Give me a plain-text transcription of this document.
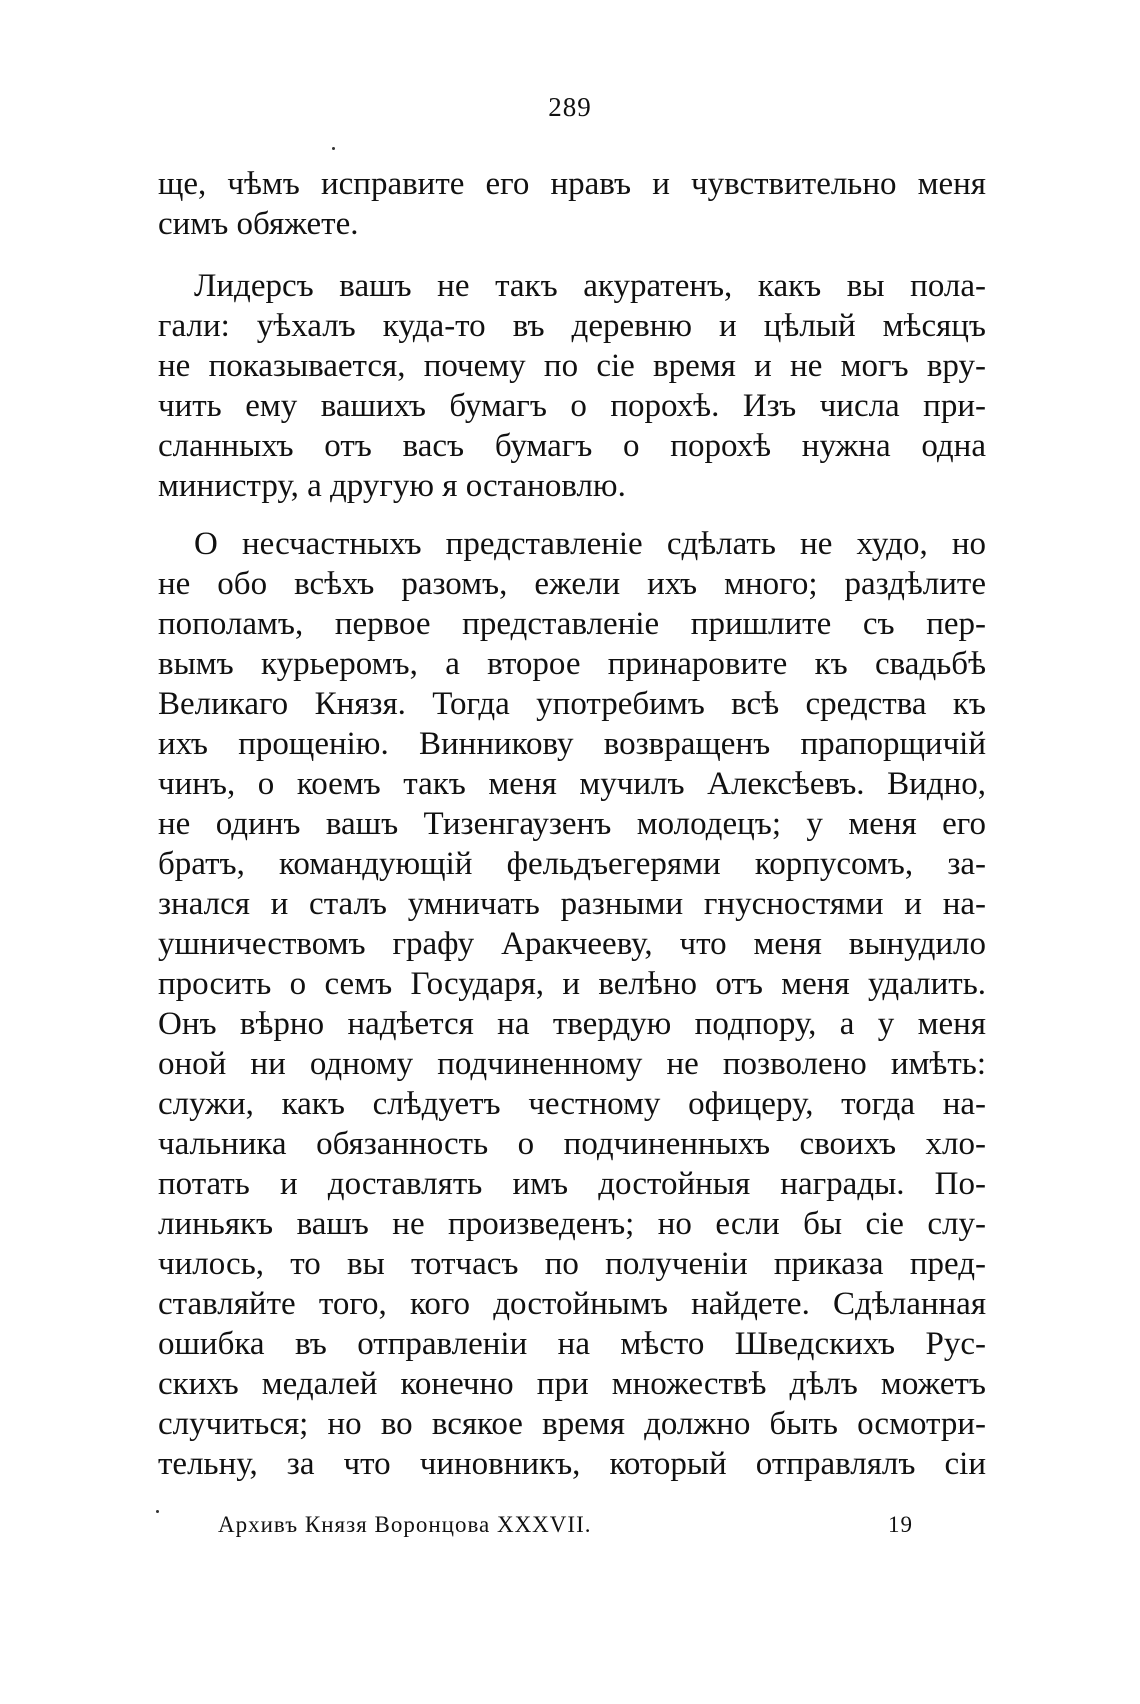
289
ще, чѣмъ исправите его нравъ и чувствительно меня
симъ обяжете.
Лидерсъ вашъ не такъ акуратенъ, какъ вы пола-
гали: уѣхалъ куда-то въ деревню и цѣлый мѣсяцъ
не показывается, почему по сіе время и не могъ вру-
чить ему вашихъ бумагъ о порохѣ. Изъ числа при-
сланныхъ отъ васъ бумагъ о порохѣ нужна одна
министру, а другую я остановлю.
О несчастныхъ представленіе сдѣлать не худо, но
не обо всѣхъ разомъ, ежели ихъ много; раздѣлите
пополамъ, первое представленіе пришлите съ пер-
вымъ курьеромъ, а второе принаровите къ свадьбѣ
Великаго Князя. Тогда употребимъ всѣ средства къ
ихъ прощенію. Винникову возвращенъ прапорщичій
чинъ, о коемъ такъ меня мучилъ Алексѣевъ. Видно,
не одинъ вашъ Тизенгаузенъ молодецъ; у меня его
братъ, командующій фельдъегерями корпусомъ, за-
знался и сталъ умничать разными гнусностями и на-
ушничествомъ графу Аракчееву, что меня вынудило
просить о семъ Государя, и велѣно отъ меня удалить.
Онъ вѣрно надѣется на твердую подпору, а у меня
оной ни одному подчиненному не позволено имѣть:
служи, какъ слѣдуетъ честному офицеру, тогда на-
чальника обязанность о подчиненныхъ своихъ хло-
потать и доставлять имъ достойныя награды. По-
линьякъ вашъ не произведенъ; но если бы сіе слу-
чилось, то вы тотчасъ по полученіи приказа пред-
ставляйте того, кого достойнымъ найдете. Сдѣланная
ошибка въ отправленіи на мѣсто Шведскихъ Рус-
скихъ медалей конечно при множествѣ дѣлъ можетъ
случиться; но во всякое время должно быть осмотри-
тельну, за что чиновникъ, который отправлялъ сіи
Архивъ Князя Воронцова XXXVII.	19
